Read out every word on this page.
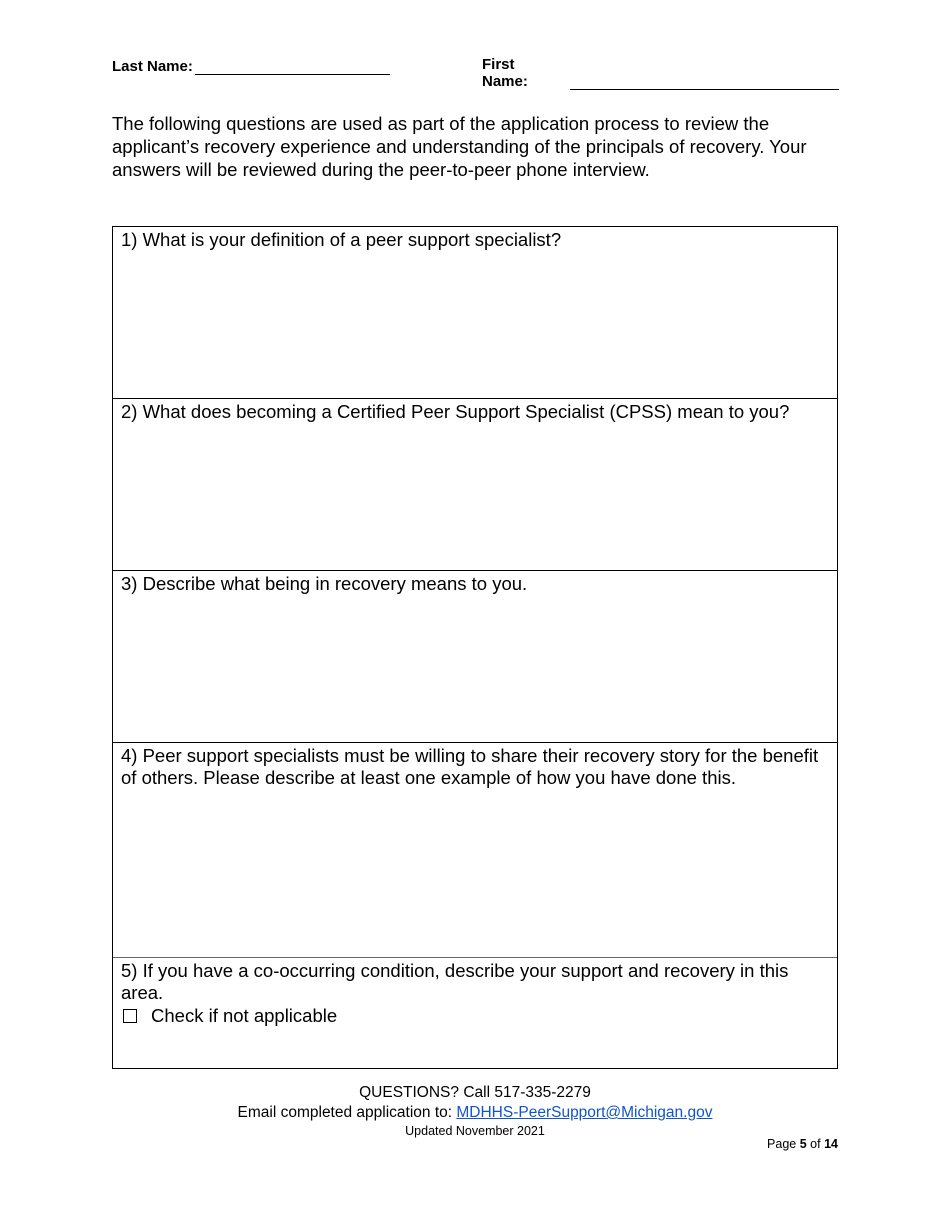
Last Name:	First Name:

The following questions are used as part of the application process to review the applicant’s recovery experience and understanding of the principals of recovery. Your answers will be reviewed during the peer-to-peer phone interview.

1) What is your definition of a peer support specialist?
2) What does becoming a Certified Peer Support Specialist (CPSS) mean to you?
3) Describe what being in recovery means to you.
4) Peer support specialists must be willing to share their recovery story for the benefit of others. Please describe at least one example of how you have done this.
5) If you have a co-occurring condition, describe your support and recovery in this area.
Check if not applicable
QUESTIONS? Call 517-335-2279
Email completed application to: MDHHS-PeerSupport@Michigan.gov
Updated November 2021
Page 5 of 14
